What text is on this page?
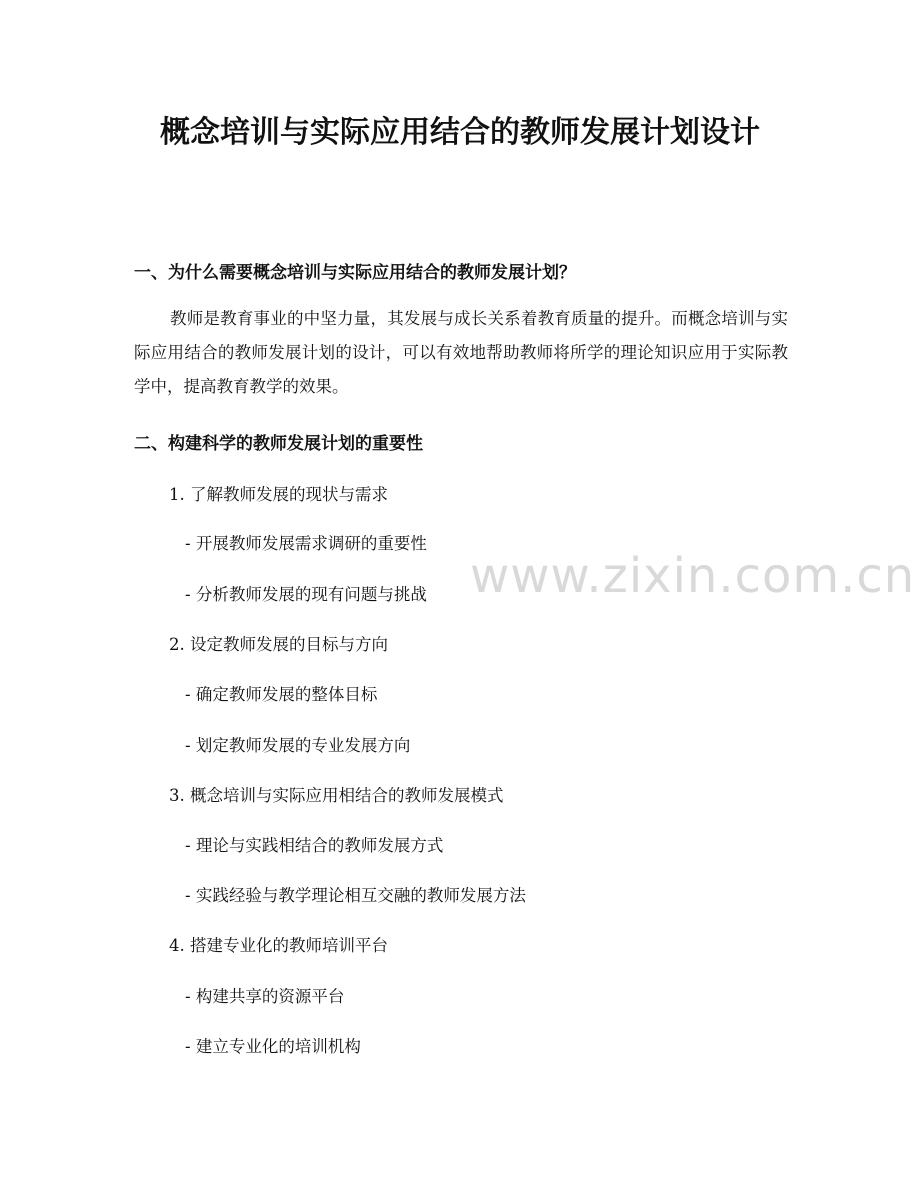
概念培训与实际应用结合的教师发展计划设计
一、为什么需要概念培训与实际应用结合的教师发展计划？

教师是教育事业的中坚力量，其发展与成长关系着教育质量的提升。而概念培训与实际应用结合的教师发展计划的设计，可以有效地帮助教师将所学的理论知识应用于实际教学中，提高教育教学的效果。

二、构建科学的教师发展计划的重要性

1. 了解教师发展的现状与需求

- 开展教师发展需求调研的重要性

- 分析教师发展的现有问题与挑战

2. 设定教师发展的目标与方向

- 确定教师发展的整体目标

- 划定教师发展的专业发展方向

3. 概念培训与实际应用相结合的教师发展模式

- 理论与实践相结合的教师发展方式

- 实践经验与教学理论相互交融的教师发展方法

4. 搭建专业化的教师培训平台

- 构建共享的资源平台

- 建立专业化的培训机构

www.zixin.com.cn
